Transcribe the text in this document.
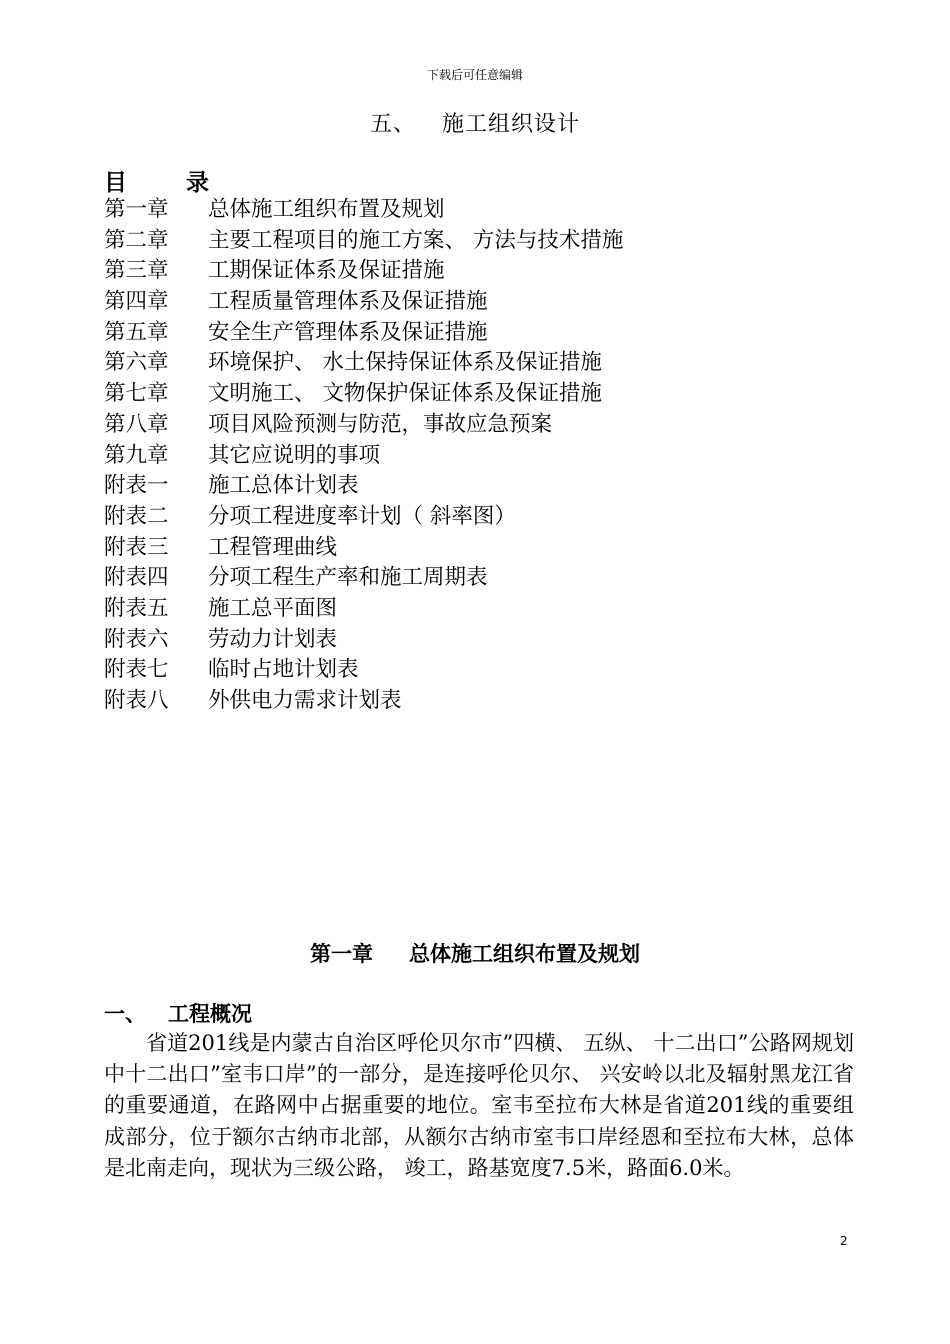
下载后可任意编辑
五、 施工组织设计
目	录
第一章 总体施工组织布置及规划
第二章 主要工程项目的施工方案、 方法与技术措施
第三章 工期保证体系及保证措施
第四章 工程质量管理体系及保证措施
第五章 安全生产管理体系及保证措施
第六章 环境保护、 水土保持保证体系及保证措施
第七章 文明施工、 文物保护保证体系及保证措施
第八章 项目风险预测与防范，事故应急预案
第九章 其它应说明的事项
附表一 施工总体计划表
附表二 分项工程进度率计划（ 斜率图）
附表三 工程管理曲线
附表四 分项工程生产率和施工周期表
附表五 施工总平面图
附表六 劳动力计划表
附表七 临时占地计划表
附表八 外供电力需求计划表
第一章 总体施工组织布置及规划
一、 工程概况

省道201线是内蒙古自治区呼伦贝尔市”四横、 五纵、 十二出口”公路网规划中十二出口”室韦口岸”的一部分，是连接呼伦贝尔、 兴安岭以北及辐射黑龙江省的重要通道，在路网中占据重要的地位。室韦至拉布大林是省道201线的重要组成部分，位于额尔古纳市北部，从额尔古纳市室韦口岸经恩和至拉布大林，总体是北南走向，现状为三级公路， 竣工，路基宽度7.5米，路面6.0米。

2
